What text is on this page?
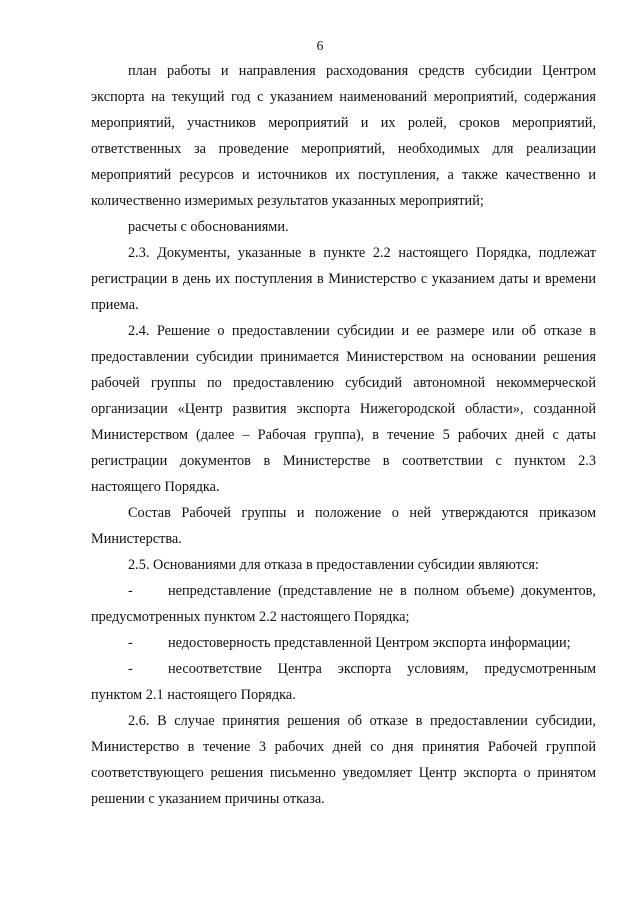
6

план работы и направления расходования средств субсидии Центром экспорта на текущий год с указанием наименований мероприятий, содержания мероприятий, участников мероприятий и их ролей, сроков мероприятий, ответственных за проведение мероприятий, необходимых для реализации мероприятий ресурсов и источников их поступления, а также качественно и количественно измеримых результатов указанных мероприятий;

расчеты с обоснованиями.

2.3. Документы, указанные в пункте 2.2 настоящего Порядка, подлежат регистрации в день их поступления в Министерство с указанием даты и времени приема.

2.4. Решение о предоставлении субсидии и ее размере или об отказе в предоставлении субсидии принимается Министерством на основании решения рабочей группы по предоставлению субсидий автономной некоммерческой организации «Центр развития экспорта Нижегородской области», созданной Министерством (далее – Рабочая группа), в течение 5 рабочих дней с даты регистрации документов в Министерстве в соответствии с пунктом 2.3 настоящего Порядка.

Состав Рабочей группы и положение о ней утверждаются приказом Министерства.

2.5. Основаниями для отказа в предоставлении субсидии являются:

- непредставление (представление не в полном объеме) документов, предусмотренных пунктом 2.2 настоящего Порядка;

- недостоверность представленной Центром экспорта информации;

- несоответствие Центра экспорта условиям, предусмотренным пунктом 2.1 настоящего Порядка.

2.6. В случае принятия решения об отказе в предоставлении субсидии, Министерство в течение 3 рабочих дней со дня принятия Рабочей группой соответствующего решения письменно уведомляет Центр экспорта о принятом решении с указанием причины отказа.
